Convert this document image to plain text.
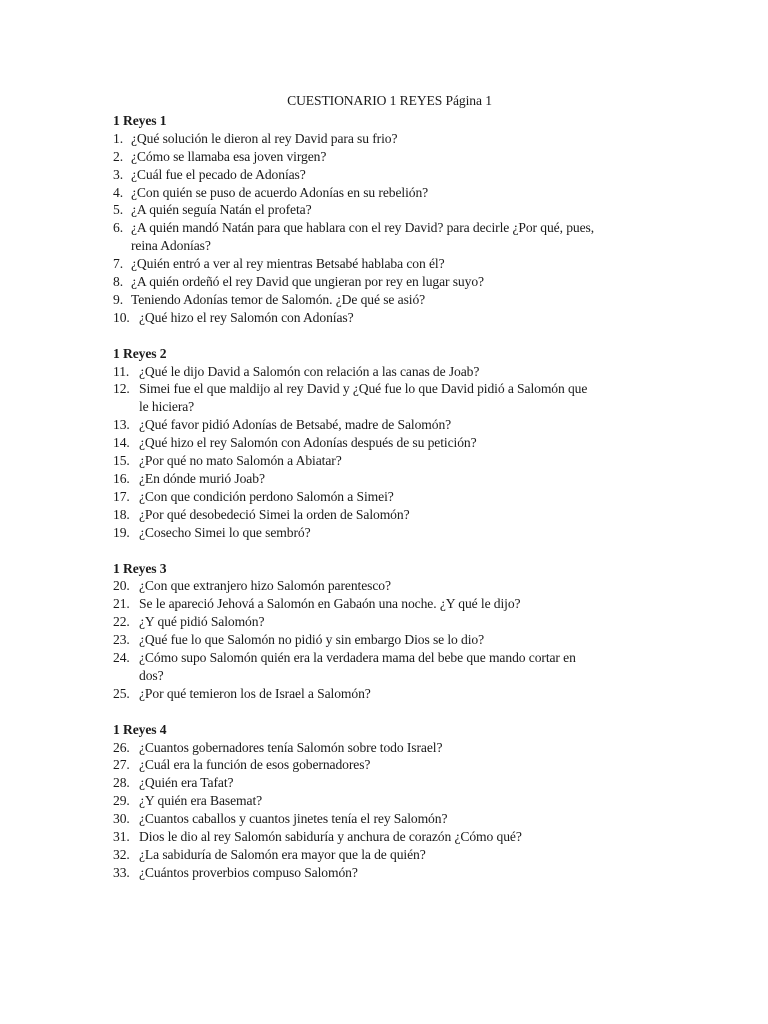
CUESTIONARIO 1 REYES Página 1
1 Reyes 1
1. ¿Qué solución le dieron al rey David para su frio?
2. ¿Cómo se llamaba esa joven virgen?
3. ¿Cuál fue el pecado de Adonías?
4. ¿Con quién se puso de acuerdo Adonías en su rebelión?
5. ¿A quién seguía Natán el profeta?
6. ¿A quién mandó Natán para que hablara con el rey David? para decirle ¿Por qué, pues,
reina Adonías?
7. ¿Quién entró a ver al rey mientras Betsabé hablaba con él?
8. ¿A quién ordeñó el rey David que ungieran por rey en lugar suyo?
9. Teniendo Adonías temor de Salomón. ¿De qué se asió?
10. ¿Qué hizo el rey Salomón con Adonías?
1 Reyes 2
11. ¿Qué le dijo David a Salomón con relación a las canas de Joab?
12. Simei fue el que maldijo al rey David y ¿Qué fue lo que David pidió a Salomón que
le hiciera?
13. ¿Qué favor pidió Adonías de Betsabé, madre de Salomón?
14. ¿Qué hizo el rey Salomón con Adonías después de su petición?
15. ¿Por qué no mato Salomón a Abiatar?
16. ¿En dónde murió Joab?
17. ¿Con que condición perdono Salomón a Simei?
18. ¿Por qué desobedeció Simei la orden de Salomón?
19. ¿Cosecho Simei lo que sembró?
1 Reyes 3
20. ¿Con que extranjero hizo Salomón parentesco?
21. Se le apareció Jehová a Salomón en Gabaón una noche. ¿Y qué le dijo?
22. ¿Y qué pidió Salomón?
23. ¿Qué fue lo que Salomón no pidió y sin embargo Dios se lo dio?
24. ¿Cómo supo Salomón quién era la verdadera mama del bebe que mando cortar en
dos?
25. ¿Por qué temieron los de Israel a Salomón?
1 Reyes 4
26. ¿Cuantos gobernadores tenía Salomón sobre todo Israel?
27. ¿Cuál era la función de esos gobernadores?
28. ¿Quién era Tafat?
29. ¿Y quién era Basemat?
30. ¿Cuantos caballos y cuantos jinetes tenía el rey Salomón?
31. Dios le dio al rey Salomón sabiduría y anchura de corazón ¿Cómo qué?
32. ¿La sabiduría de Salomón era mayor que la de quién?
33. ¿Cuántos proverbios compuso Salomón?
